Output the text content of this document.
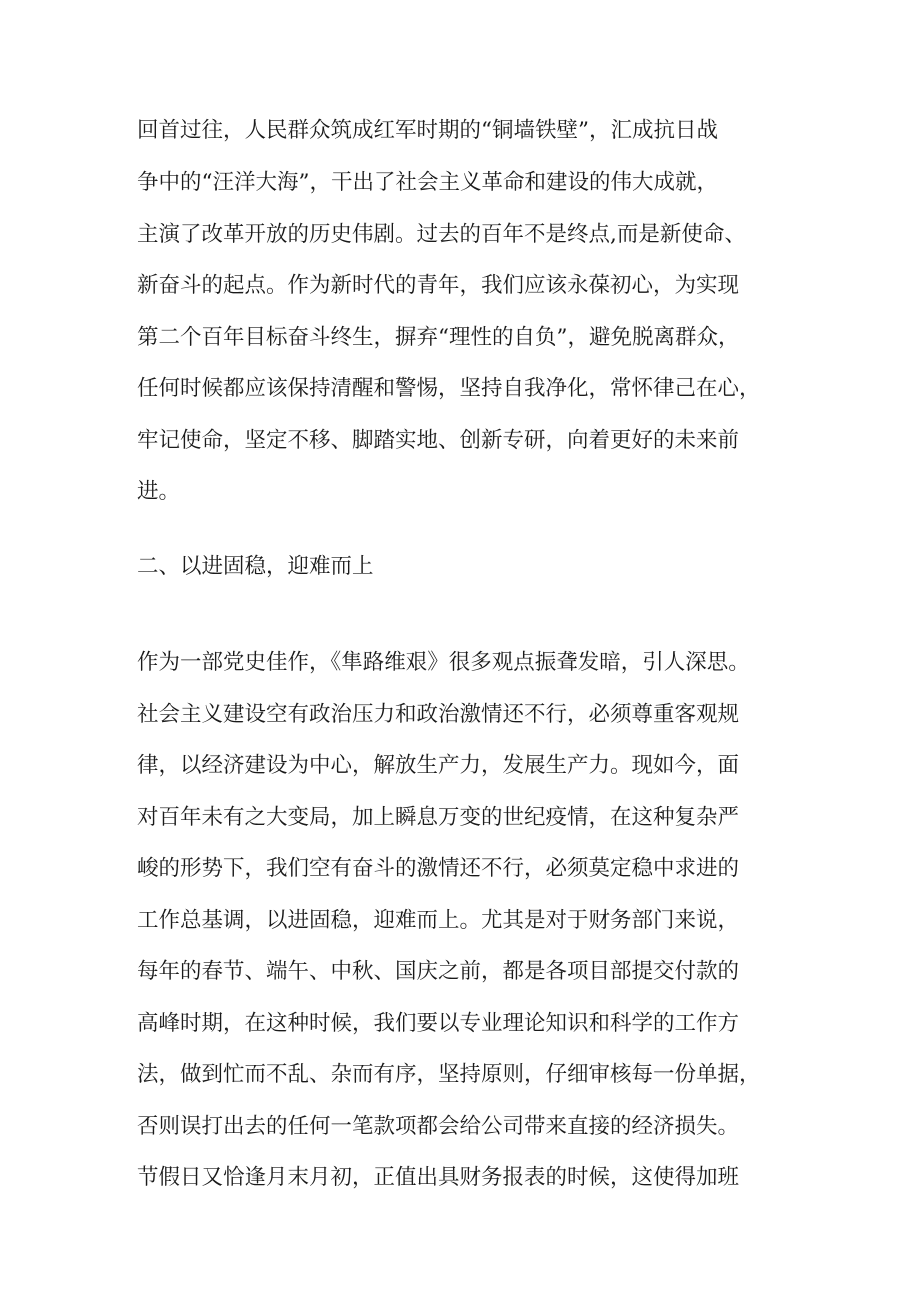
回首过往，人民群众筑成红军时期的“铜墙铁壁”，汇成抗日战
争中的“汪洋大海”，干出了社会主义革命和建设的伟大成就，
主演了改革开放的历史伟剧。过去的百年不是终点,而是新使命、
新奋斗的起点。作为新时代的青年，我们应该永葆初心，为实现
第二个百年目标奋斗终生，摒弃“理性的自负”，避免脱离群众，
任何时候都应该保持清醒和警惕，坚持自我净化，常怀律己在心，
牢记使命，坚定不移、脚踏实地、创新专研，向着更好的未来前
进。
二、以进固稳，迎难而上
作为一部党史佳作，《隼路维艰》很多观点振聋发暗，引人深思。
社会主义建设空有政治压力和政治激情还不行，必须尊重客观规
律，以经济建设为中心，解放生产力，发展生产力。现如今，面
对百年未有之大变局，加上瞬息万变的世纪疫情，在这种复杂严
峻的形势下，我们空有奋斗的激情还不行，必须莫定稳中求进的
工作总基调，以进固稳，迎难而上。尤其是对于财务部门来说，
每年的春节、端午、中秋、国庆之前，都是各项目部提交付款的
高峰时期，在这种时候，我们要以专业理论知识和科学的工作方
法，做到忙而不乱、杂而有序，坚持原则，仔细审核每一份单据，
否则误打出去的任何一笔款项都会给公司带来直接的经济损失。
节假日又恰逢月末月初，正值出具财务报表的时候，这使得加班
